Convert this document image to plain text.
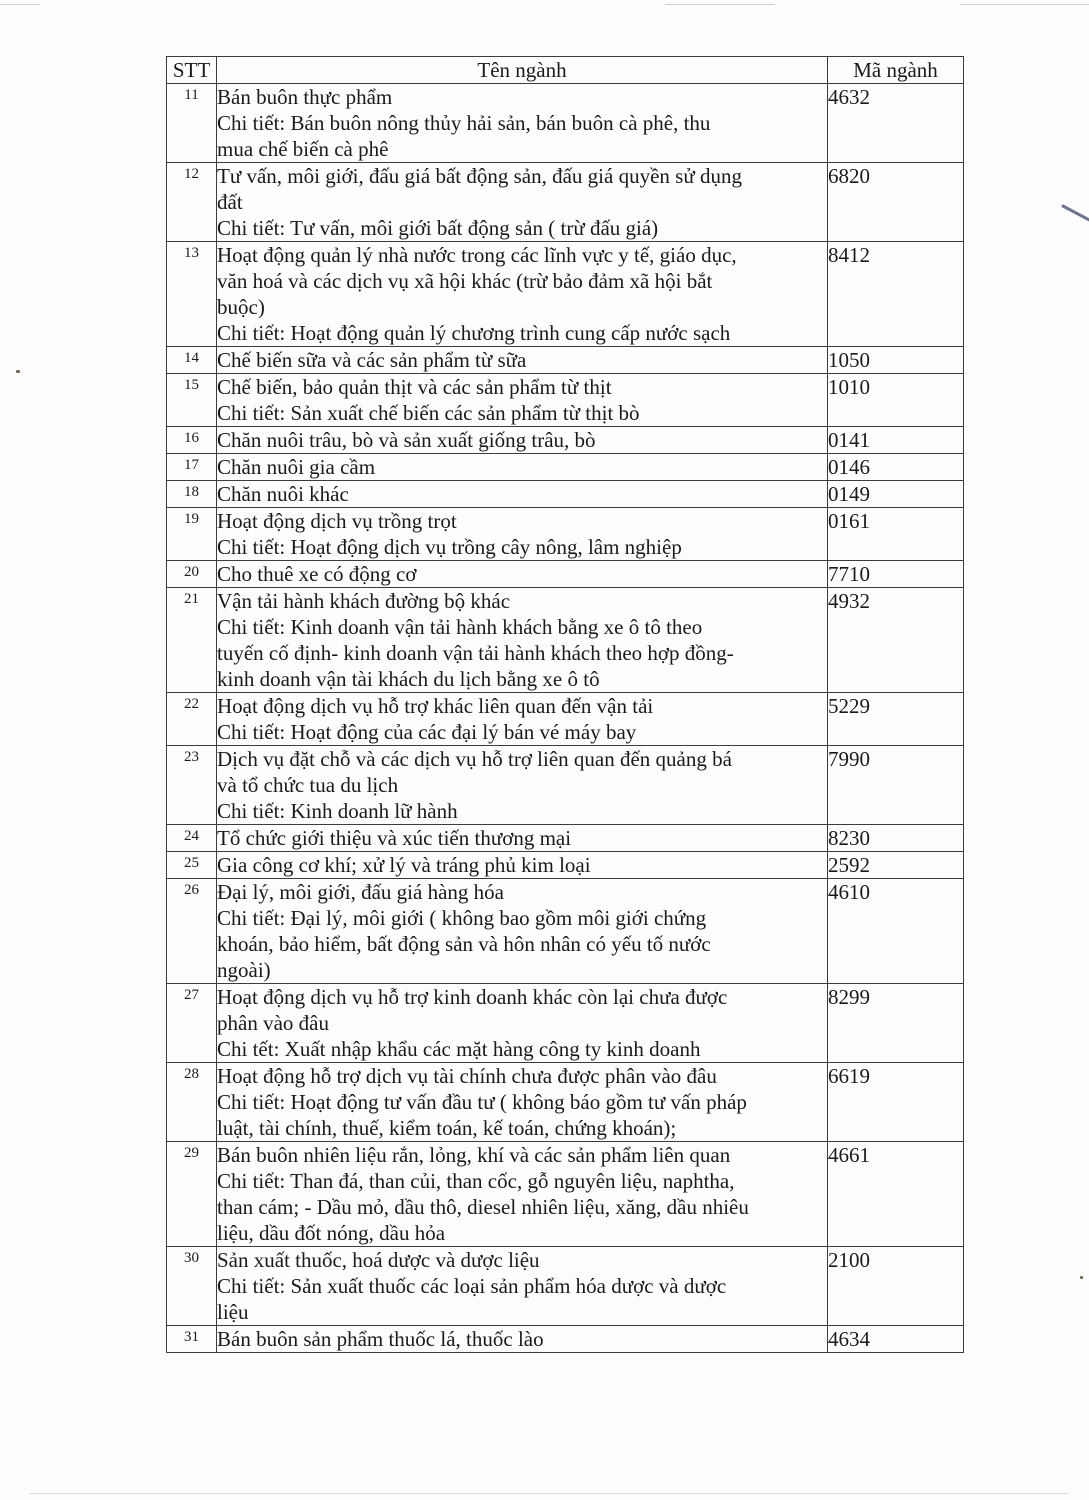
STT	Tên ngành	Mã ngành
11	Bán buôn thực phẩm
Chi tiết: Bán buôn nông thủy hải sản, bán buôn cà phê, thu
mua chế biến cà phê	4632
12	Tư vấn, môi giới, đấu giá bất động sản, đấu giá quyền sử dụng
đất
Chi tiết: Tư vấn, môi giới bất động sản ( trừ đấu giá)	6820
13	Hoạt động quản lý nhà nước trong các lĩnh vực y tế, giáo dục,
văn hoá và các dịch vụ xã hội khác (trừ bảo đảm xã hội bắt
buộc)
Chi tiết: Hoạt động quản lý chương trình cung cấp nước sạch	8412
14	Chế biến sữa và các sản phẩm từ sữa	1050
15	Chế biến, bảo quản thịt và các sản phẩm từ thịt
Chi tiết: Sản xuất chế biến các sản phẩm từ thịt bò	1010
16	Chăn nuôi trâu, bò và sản xuất giống trâu, bò	0141
17	Chăn nuôi gia cầm	0146
18	Chăn nuôi khác	0149
19	Hoạt động dịch vụ trồng trọt
Chi tiết: Hoạt động dịch vụ trồng cây nông, lâm nghiệp	0161
20	Cho thuê xe có động cơ	7710
21	Vận tải hành khách đường bộ khác
Chi tiết: Kinh doanh vận tải hành khách bằng xe ô tô theo
tuyến cố định- kinh doanh vận tải hành khách theo hợp đồng-
kinh doanh vận tài khách du lịch bằng xe ô tô	4932
22	Hoạt động dịch vụ hỗ trợ khác liên quan đến vận tải
Chi tiết: Hoạt động của các đại lý bán vé máy bay	5229
23	Dịch vụ đặt chỗ và các dịch vụ hỗ trợ liên quan đến quảng bá
và tổ chức tua du lịch
Chi tiết: Kinh doanh lữ hành	7990
24	Tổ chức giới thiệu và xúc tiến thương mại	8230
25	Gia công cơ khí; xử lý và tráng phủ kim loại	2592
26	Đại lý, môi giới, đấu giá hàng hóa
Chi tiết: Đại lý, môi giới ( không bao gồm môi giới chứng
khoán, bảo hiểm, bất động sản và hôn nhân có yếu tố nước
ngoài)	4610
27	Hoạt động dịch vụ hỗ trợ kinh doanh khác còn lại chưa được
phân vào đâu
Chi tết: Xuất nhập khẩu các mặt hàng công ty kinh doanh	8299
28	Hoạt động hỗ trợ dịch vụ tài chính chưa được phân vào đâu
Chi tiết: Hoạt động tư vấn đầu tư ( không báo gồm tư vấn pháp
luật, tài chính, thuế, kiểm toán, kế toán, chứng khoán);	6619
29	Bán buôn nhiên liệu rắn, lỏng, khí và các sản phẩm liên quan
Chi tiết: Than đá, than củi, than cốc, gỗ nguyên liệu, naphtha,
than cám; - Dầu mỏ, dầu thô, diesel nhiên liệu, xăng, dầu nhiêu
liệu, dầu đốt nóng, dầu hỏa	4661
30	Sản xuất thuốc, hoá dược và dược liệu
Chi tiết: Sản xuất thuốc các loại sản phẩm hóa dược và dược
liệu	2100
31	Bán buôn sản phẩm thuốc lá, thuốc lào	4634
